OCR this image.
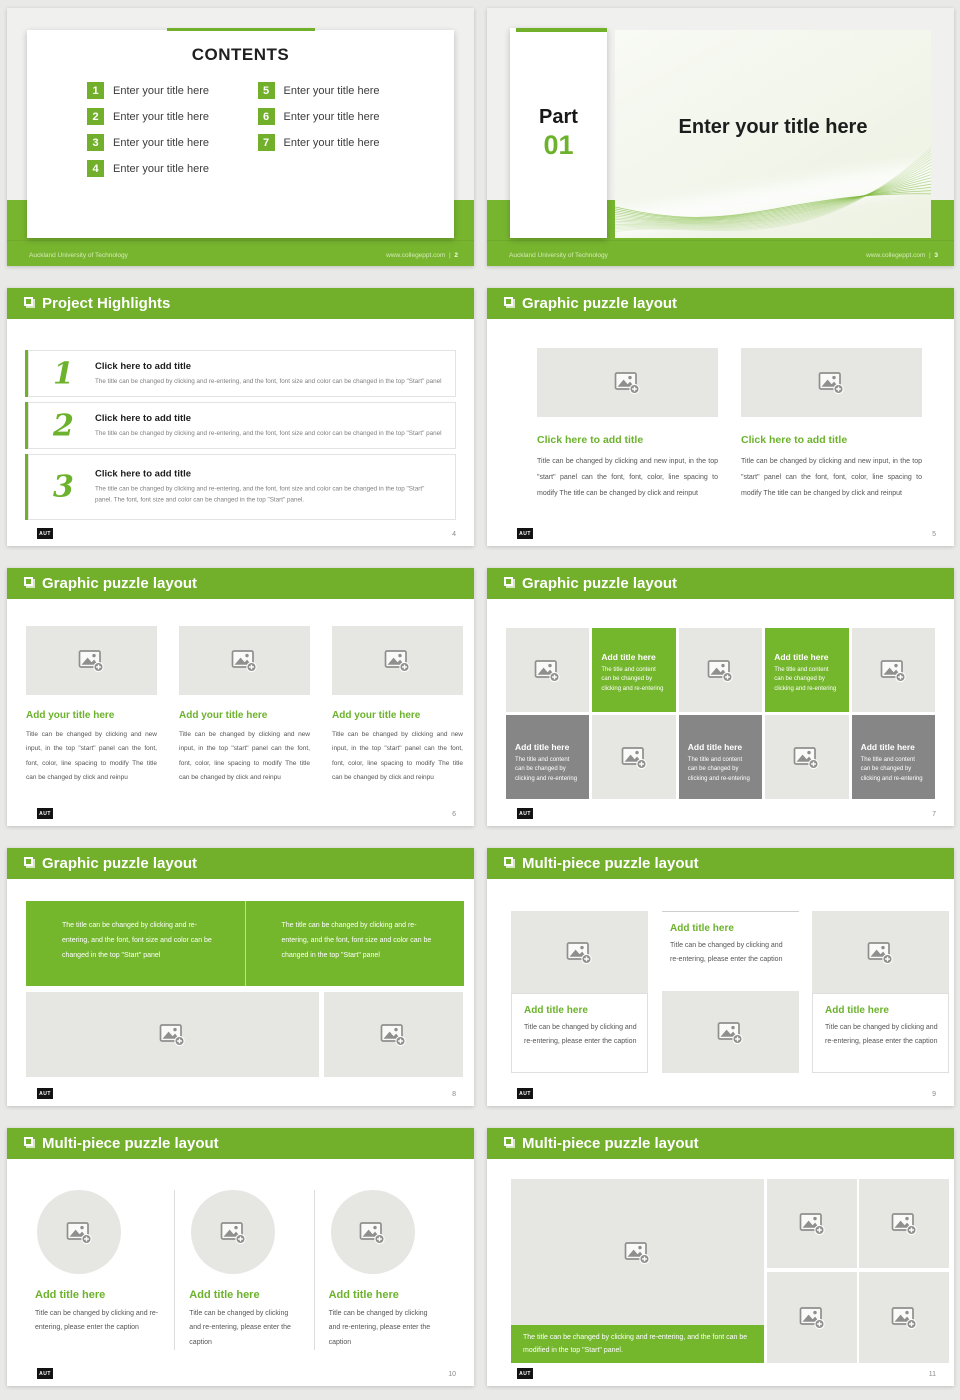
CONTENTS
1	Enter your title here
2	Enter your title here
3	Enter your title here
4	Enter your title here
5	Enter your title here
6	Enter your title here
7	Enter your title here
Auckland University of Technology	www.collegeppt.com | 2
Enter your title here
Part
01
Auckland University of Technology	www.collegeppt.com | 3
Project Highlights
1 Click here to add title
The title can be changed by clicking and re-entering, and the font, font size and color can be changed in the top "Start" panel
2 Click here to add title
The title can be changed by clicking and re-entering, and the font, font size and color can be changed in the top "Start" panel
3 Click here to add title
The title can be changed by clicking and re-entering, and the font, font size and color can be changed in the top "Start" panel. The font, font size and color can be changed in the top "Start" panel.
AUT	4
Graphic puzzle layout
Click here to add title
Title can be changed by clicking and new input, in the top "start" panel can the font, font, color, line spacing to modify The title can be changed by click and reinput
Click here to add title
Title can be changed by clicking and new input, in the top "start" panel can the font, font, color, line spacing to modify The title can be changed by click and reinput
AUT	5
Graphic puzzle layout
Add your title here
Title can be changed by clicking and new input, in the top "start" panel can the font, font, color, line spacing to modify The title can be changed by click and reinpu
Add your title here
Title can be changed by clicking and new input, in the top "start" panel can the font, font, color, line spacing to modify The title can be changed by click and reinpu
Add your title here
Title can be changed by clicking and new input, in the top "start" panel can the font, font, color, line spacing to modify The title can be changed by click and reinpu
AUT	6
Graphic puzzle layout
Add title here
The title and content can be changed by clicking and re-entering
Add title here
The title and content can be changed by clicking and re-entering
Add title here
The title and content can be changed by clicking and re-entering
Add title here
The title and content can be changed by clicking and re-entering
Add title here
The title and content can be changed by clicking and re-entering
AUT	7
Graphic puzzle layout
The title can be changed by clicking and re-entering, and the font, font size and color can be changed in the top "Start" panel
The title can be changed by clicking and re-entering, and the font, font size and color can be changed in the top "Start" panel
AUT	8
Multi-piece puzzle layout
Add title here
Title can be changed by clicking and re-entering, please enter the caption
Add title here
Title can be changed by clicking and re-entering, please enter the caption
Add title here
Title can be changed by clicking and re-entering, please enter the caption
AUT	9
Multi-piece puzzle layout
Add title here
Title can be changed by clicking and re-entering, please enter the caption
Add title here
Title can be changed by clicking and re-entering, please enter the caption
Add title here
Title can be changed by clicking and re-entering, please enter the caption
AUT	10
Multi-piece puzzle layout
The title can be changed by clicking and re-entering, and the font can be modified in the top "Start" panel.
AUT	11
